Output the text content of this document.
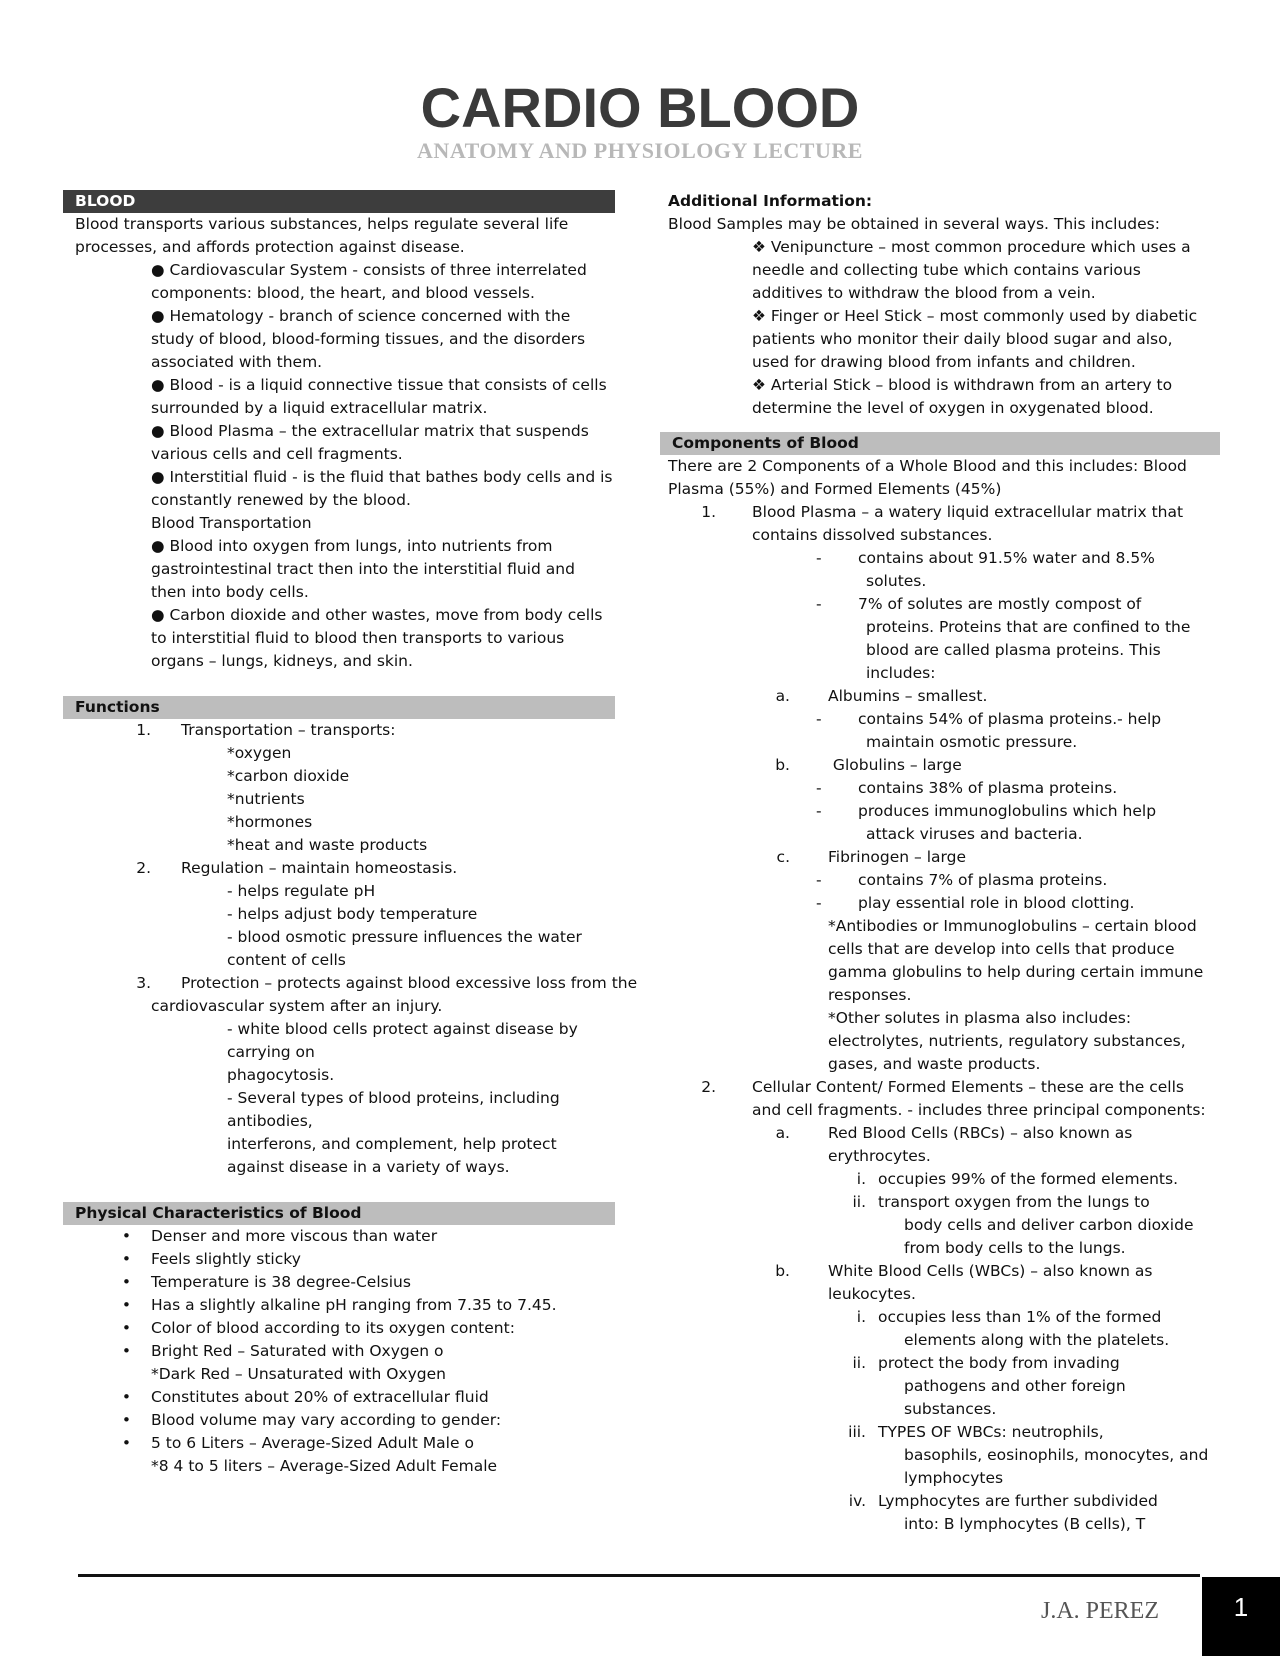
CARDIO BLOOD
ANATOMY AND PHYSIOLOGY LECTURE
BLOOD
Blood transports various substances, helps regulate several life
processes, and affords protection against disease.
● Cardiovascular System - consists of three interrelated
components: blood, the heart, and blood vessels.
● Hematology - branch of science concerned with the
study of blood, blood-forming tissues, and the disorders
associated with them.
● Blood - is a liquid connective tissue that consists of cells
surrounded by a liquid extracellular matrix.
● Blood Plasma – the extracellular matrix that suspends
various cells and cell fragments.
● Interstitial fluid - is the fluid that bathes body cells and is
constantly renewed by the blood.
Blood Transportation
● Blood into oxygen from lungs, into nutrients from
gastrointestinal tract then into the interstitial fluid and
then into body cells.
● Carbon dioxide and other wastes, move from body cells
to interstitial fluid to blood then transports to various
organs – lungs, kidneys, and skin.
Functions
1.	Transportation – transports:
*oxygen
*carbon dioxide
*nutrients
*hormones
*heat and waste products
2.	Regulation – maintain homeostasis.
- helps regulate pH
- helps adjust body temperature
- blood osmotic pressure influences the water
content of cells
3.	Protection – protects against blood excessive loss from the
cardiovascular system after an injury.
- white blood cells protect against disease by
carrying on
phagocytosis.
- Several types of blood proteins, including
antibodies,
interferons, and complement, help protect
against disease in a variety of ways.
Physical Characteristics of Blood
•	Denser and more viscous than water
•	Feels slightly sticky
•	Temperature is 38 degree-Celsius
•	Has a slightly alkaline pH ranging from 7.35 to 7.45.
•	Color of blood according to its oxygen content:
•	Bright Red – Saturated with Oxygen o
*Dark Red – Unsaturated with Oxygen
•	Constitutes about 20% of extracellular fluid
•	Blood volume may vary according to gender:
•	5 to 6 Liters – Average-Sized Adult Male o
*8 4 to 5 liters – Average-Sized Adult Female
Additional Information:
Blood Samples may be obtained in several ways. This includes:
❖ Venipuncture – most common procedure which uses a
needle and collecting tube which contains various
additives to withdraw the blood from a vein.
❖ Finger or Heel Stick – most commonly used by diabetic
patients who monitor their daily blood sugar and also,
used for drawing blood from infants and children.
❖ Arterial Stick – blood is withdrawn from an artery to
determine the level of oxygen in oxygenated blood.
Components of Blood
There are 2 Components of a Whole Blood and this includes: Blood
Plasma (55%) and Formed Elements (45%)
1.	Blood Plasma – a watery liquid extracellular matrix that
contains dissolved substances.
-	contains about 91.5% water and 8.5%
solutes.
-	7% of solutes are mostly compost of
proteins. Proteins that are confined to the
blood are called plasma proteins. This
includes:
a.	Albumins – smallest.
-	contains 54% of plasma proteins.- help
maintain osmotic pressure.
b.	Globulins – large
-	contains 38% of plasma proteins.
-	produces immunoglobulins which help
attack viruses and bacteria.
c.	Fibrinogen – large
-	contains 7% of plasma proteins.
-	play essential role in blood clotting.
*Antibodies or Immunoglobulins – certain blood
cells that are develop into cells that produce
gamma globulins to help during certain immune
responses.
*Other solutes in plasma also includes:
electrolytes, nutrients, regulatory substances,
gases, and waste products.
2.	Cellular Content/ Formed Elements – these are the cells
and cell fragments. - includes three principal components:
a.	Red Blood Cells (RBCs) – also known as
erythrocytes.
i. occupies 99% of the formed elements.
ii. transport oxygen from the lungs to
body cells and deliver carbon dioxide
from body cells to the lungs.
b.	White Blood Cells (WBCs) – also known as
leukocytes.
i. occupies less than 1% of the formed
elements along with the platelets.
ii. protect the body from invading
pathogens and other foreign
substances.
iii. TYPES OF WBCs: neutrophils,
basophils, eosinophils, monocytes, and
lymphocytes
iv. Lymphocytes are further subdivided
into: B lymphocytes (B cells), T
J.A. PEREZ	1
